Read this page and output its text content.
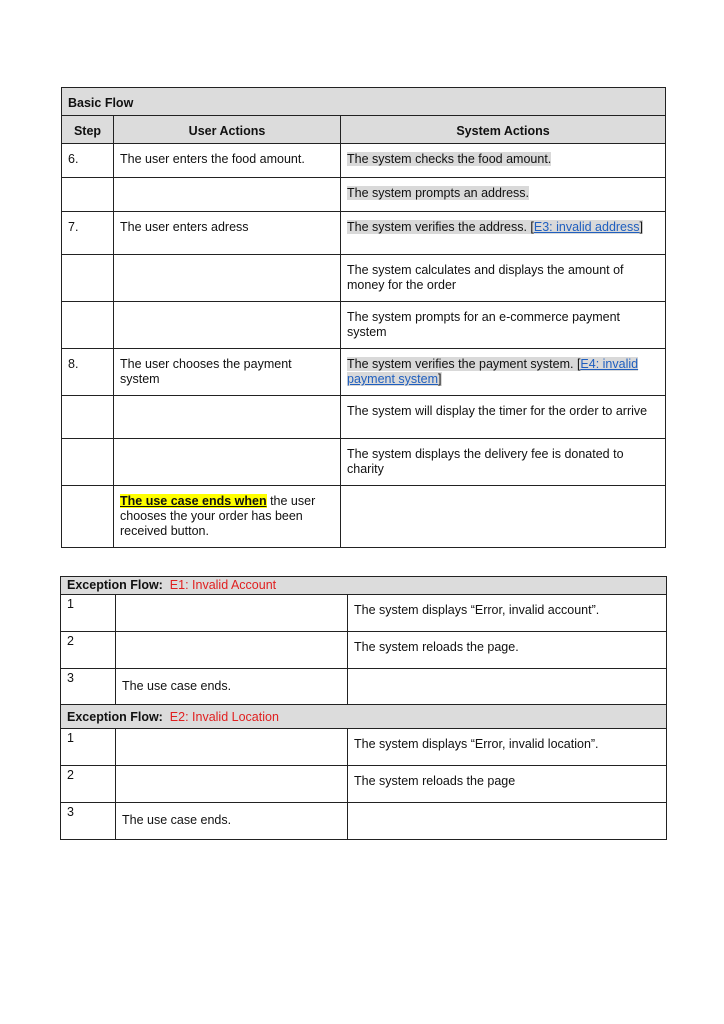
Basic Flow		
Step	User Actions	System Actions
6.	The user enters the food amount.	The system checks the food amount.
		The system prompts an address.
7.	The user enters adress	The system verifies the address. [E3: invalid address]
		The system calculates and displays the amount of money for the order
		The system prompts for an e-commerce payment system
8.	The user chooses the payment system	The system verifies the payment system. [E4: invalid payment system]
		The system will display the timer for the order to arrive
		The system displays the delivery fee is donated to charity
	The use case ends when the user chooses the your order has been received button.	
Exception Flow: E1: Invalid Account		
1		The system displays “Error, invalid account”.
2		The system reloads the page.
3	The use case ends.	
Exception Flow: E2: Invalid Location		
1		The system displays “Error, invalid location”.
2		The system reloads the page
3	The use case ends.	
